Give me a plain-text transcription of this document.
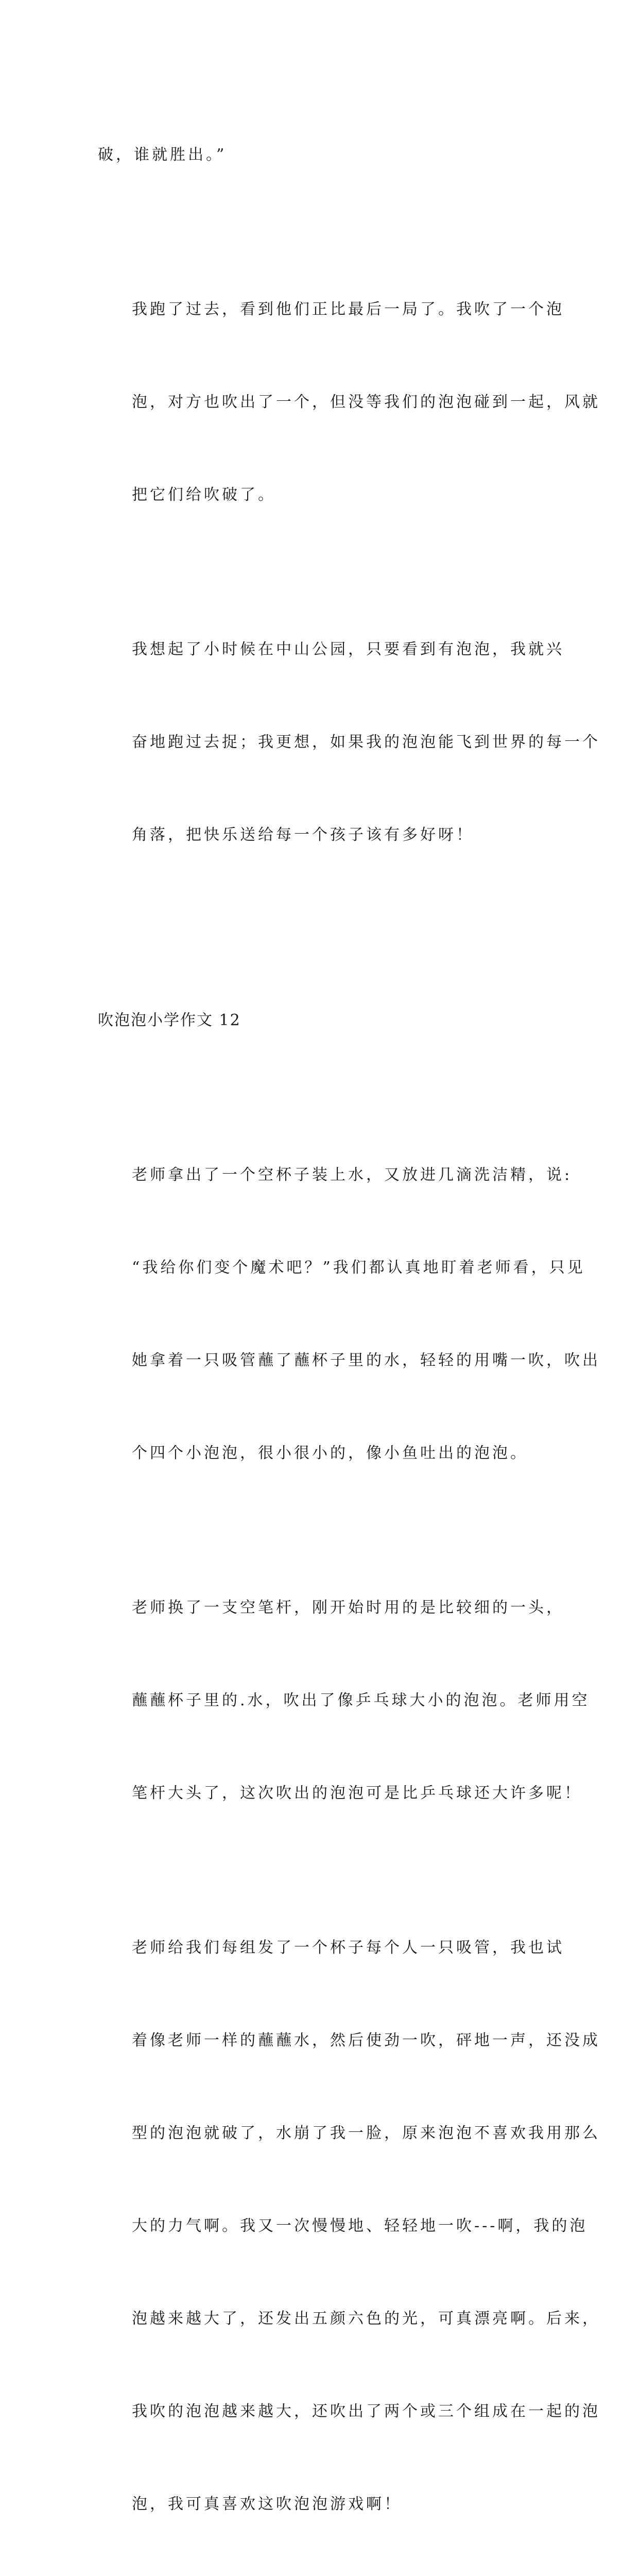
破，谁就胜出。”

我跑了过去，看到他们正比最后一局了。我吹了一个泡

泡，对方也吹出了一个，但没等我们的泡泡碰到一起，风就

把它们给吹破了。

我想起了小时候在中山公园，只要看到有泡泡，我就兴

奋地跑过去捉；我更想，如果我的泡泡能飞到世界的每一个

角落，把快乐送给每一个孩子该有多好呀！

吹泡泡小学作文 12

老师拿出了一个空杯子装上水，又放进几滴洗洁精，说:

“我给你们变个魔术吧？”我们都认真地盯着老师看，只见

她拿着一只吸管蘸了蘸杯子里的水，轻轻的用嘴一吹，吹出

个四个小泡泡，很小很小的，像小鱼吐出的泡泡。

老师换了一支空笔杆，刚开始时用的是比较细的一头，

蘸蘸杯子里的.水，吹出了像乒乓球大小的泡泡。老师用空

笔杆大头了，这次吹出的泡泡可是比乒乓球还大许多呢！

老师给我们每组发了一个杯子每个人一只吸管，我也试

着像老师一样的蘸蘸水，然后使劲一吹，砰地一声，还没成

型的泡泡就破了，水崩了我一脸，原来泡泡不喜欢我用那么

大的力气啊。我又一次慢慢地、轻轻地一吹---啊，我的泡

泡越来越大了，还发出五颜六色的光，可真漂亮啊。后来，

我吹的泡泡越来越大，还吹出了两个或三个组成在一起的泡

泡，我可真喜欢这吹泡泡游戏啊！
